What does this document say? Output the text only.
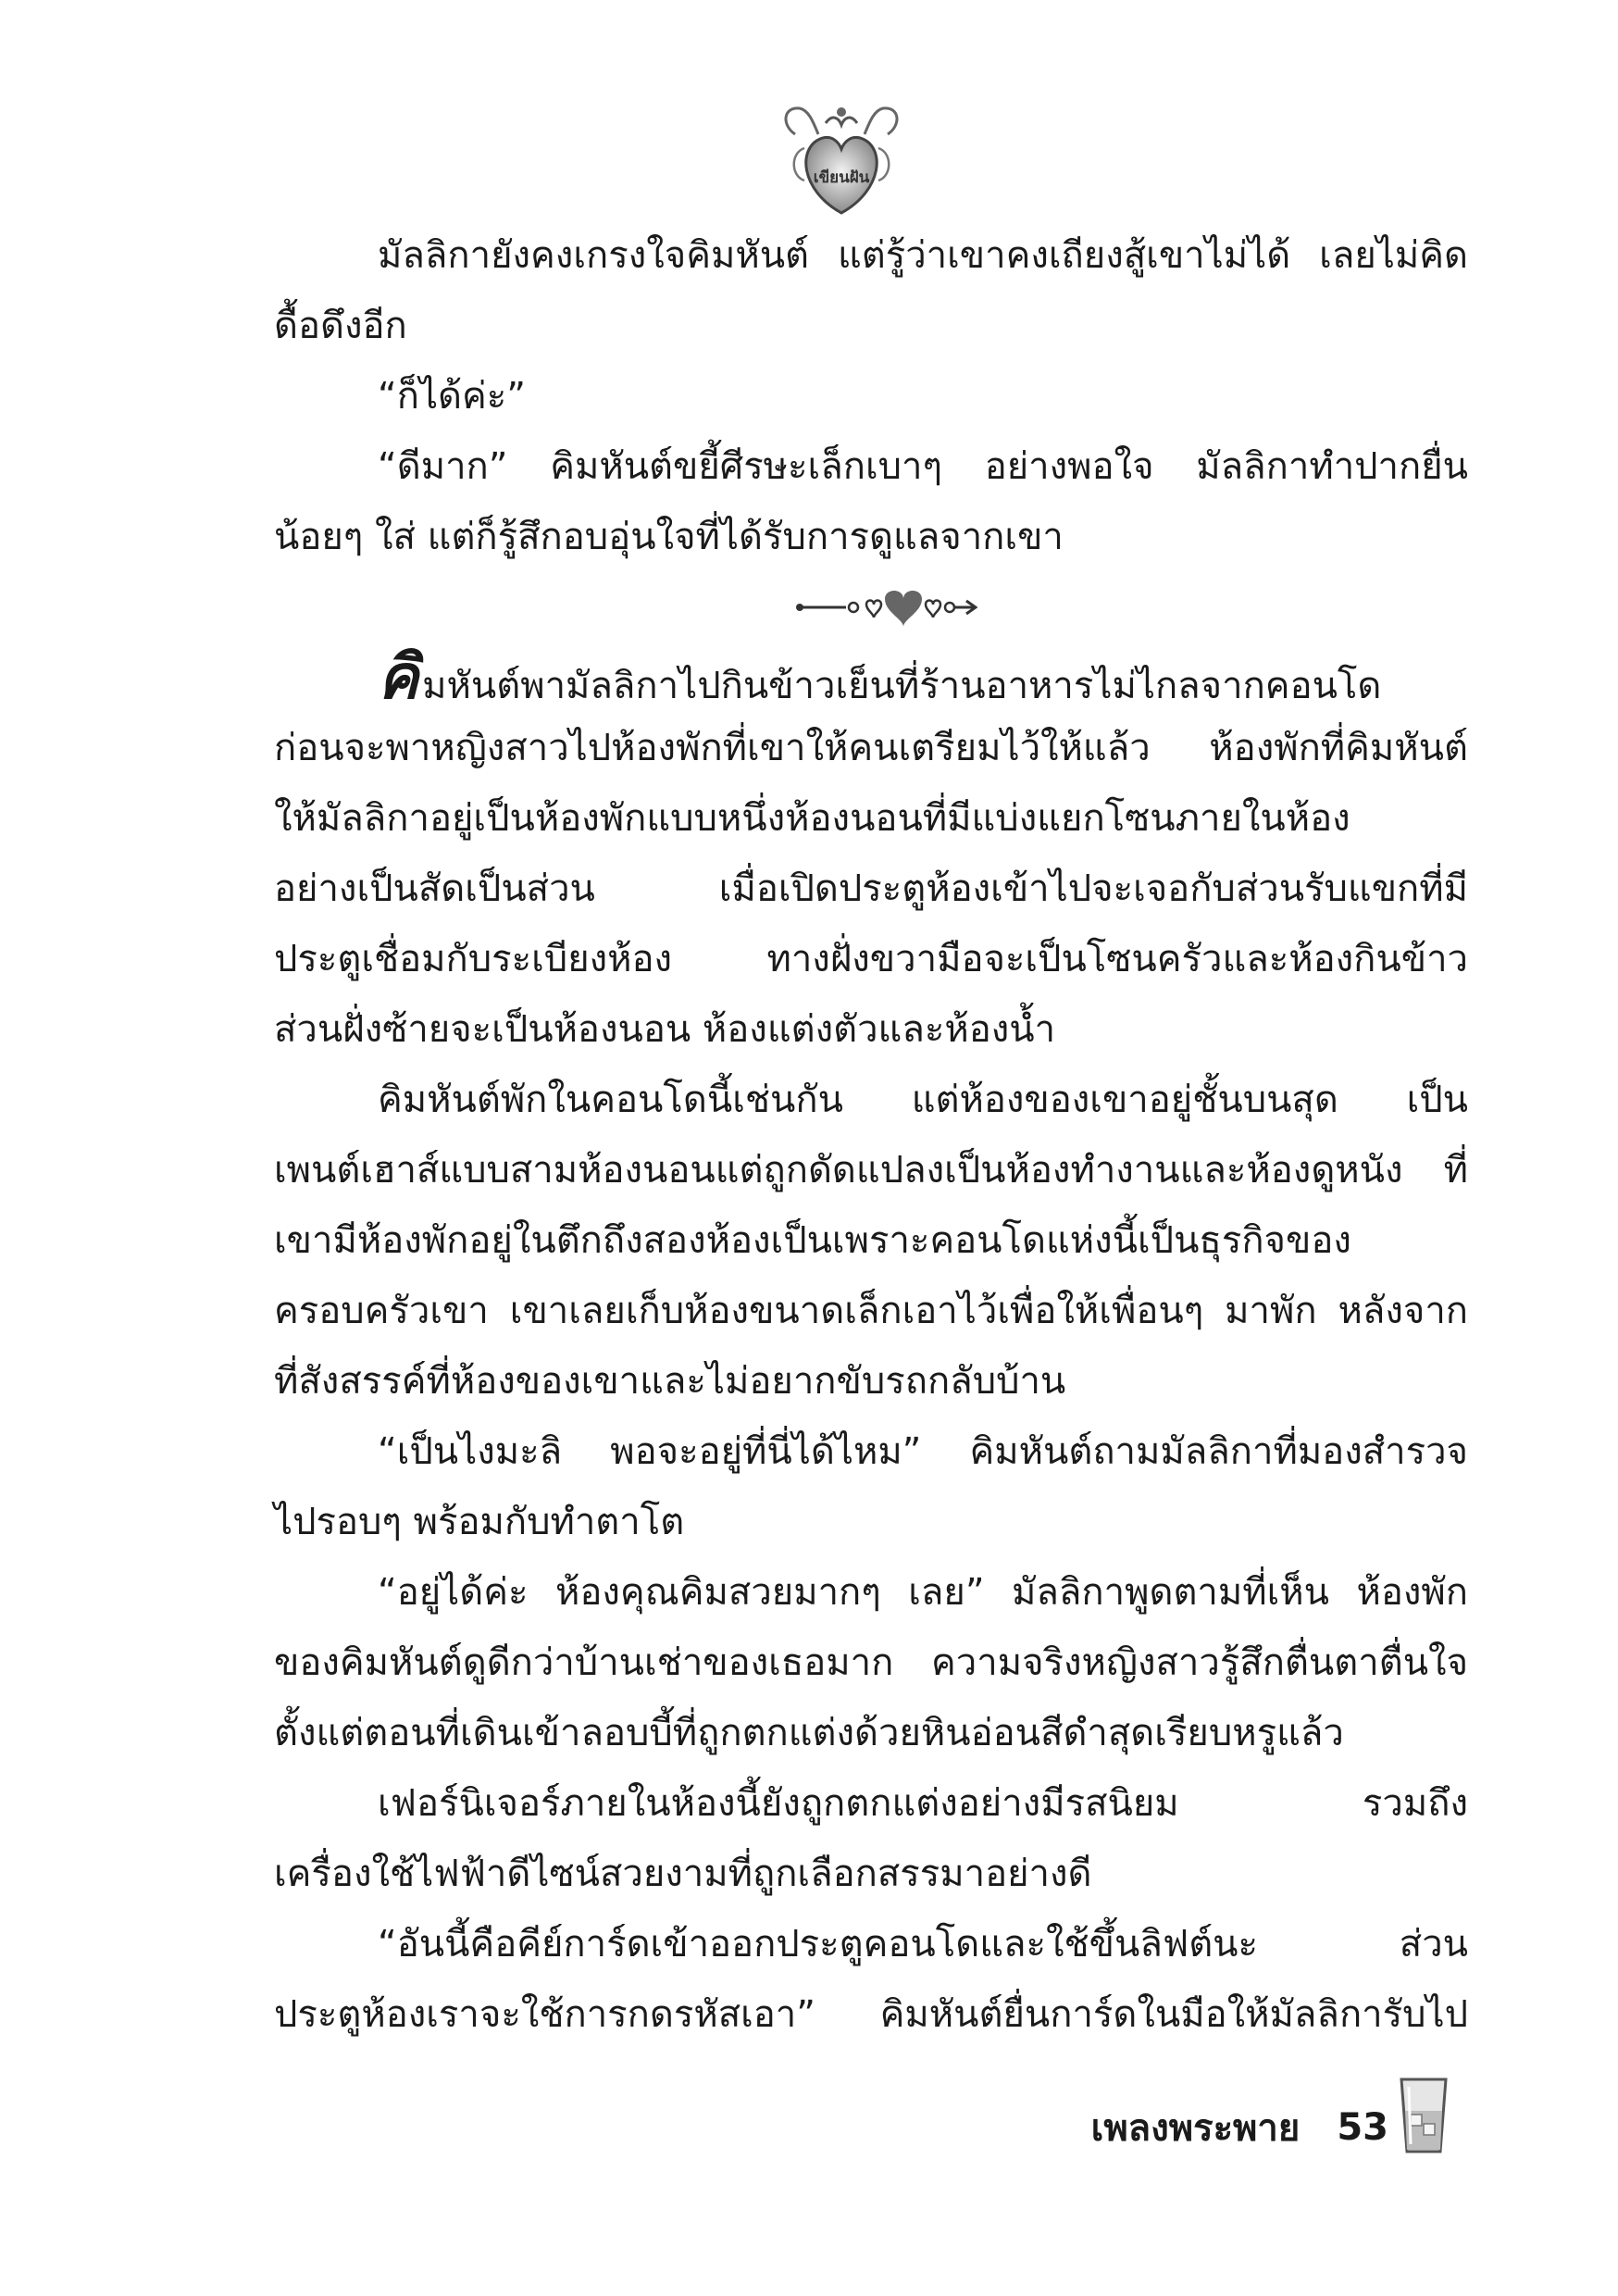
เขียนฝัน
มัลลิกายังคงเกรงใจคิมหันต์ แต่รู้ว่าเขาคงเถียงสู้เขาไม่ได้ เลยไม่คิด
ดื้อดึงอีก
“ก็ได้ค่ะ”
“ดีมาก” คิมหันต์ขยี้ศีรษะเล็กเบาๆ อย่างพอใจ มัลลิกาทำปากยื่น
น้อยๆ ใส่ แต่ก็รู้สึกอบอุ่นใจที่ได้รับการดูแลจากเขา
คิมหันต์พามัลลิกาไปกินข้าวเย็นที่ร้านอาหารไม่ไกลจากคอนโด
ก่อนจะพาหญิงสาวไปห้องพักที่เขาให้คนเตรียมไว้ให้แล้ว ห้องพักที่คิมหันต์
ให้มัลลิกาอยู่เป็นห้องพักแบบหนึ่งห้องนอนที่มีแบ่งแยกโซนภายในห้อง
อย่างเป็นสัดเป็นส่วน เมื่อเปิดประตูห้องเข้าไปจะเจอกับส่วนรับแขกที่มี
ประตูเชื่อมกับระเบียงห้อง ทางฝั่งขวามือจะเป็นโซนครัวและห้องกินข้าว
ส่วนฝั่งซ้ายจะเป็นห้องนอน ห้องแต่งตัวและห้องน้ำ
คิมหันต์พักในคอนโดนี้เช่นกัน แต่ห้องของเขาอยู่ชั้นบนสุด เป็น
เพนต์เฮาส์แบบสามห้องนอนแต่ถูกดัดแปลงเป็นห้องทำงานและห้องดูหนัง ที่
เขามีห้องพักอยู่ในตึกถึงสองห้องเป็นเพราะคอนโดแห่งนี้เป็นธุรกิจของ
ครอบครัวเขา เขาเลยเก็บห้องขนาดเล็กเอาไว้เพื่อให้เพื่อนๆ มาพัก หลังจาก
ที่สังสรรค์ที่ห้องของเขาและไม่อยากขับรถกลับบ้าน
“เป็นไงมะลิ พอจะอยู่ที่นี่ได้ไหม” คิมหันต์ถามมัลลิกาที่มองสำรวจ
ไปรอบๆ พร้อมกับทำตาโต
“อยู่ได้ค่ะ ห้องคุณคิมสวยมากๆ เลย” มัลลิกาพูดตามที่เห็น ห้องพัก
ของคิมหันต์ดูดีกว่าบ้านเช่าของเธอมาก ความจริงหญิงสาวรู้สึกตื่นตาตื่นใจ
ตั้งแต่ตอนที่เดินเข้าลอบบี้ที่ถูกตกแต่งด้วยหินอ่อนสีดำสุดเรียบหรูแล้ว
เฟอร์นิเจอร์ภายในห้องนี้ยังถูกตกแต่งอย่างมีรสนิยม รวมถึง
เครื่องใช้ไฟฟ้าดีไซน์สวยงามที่ถูกเลือกสรรมาอย่างดี
“อันนี้คือคีย์การ์ดเข้าออกประตูคอนโดและใช้ขึ้นลิฟต์นะ ส่วน
ประตูห้องเราจะใช้การกดรหัสเอา” คิมหันต์ยื่นการ์ดในมือให้มัลลิการับไป
เพลงพระพาย 53
